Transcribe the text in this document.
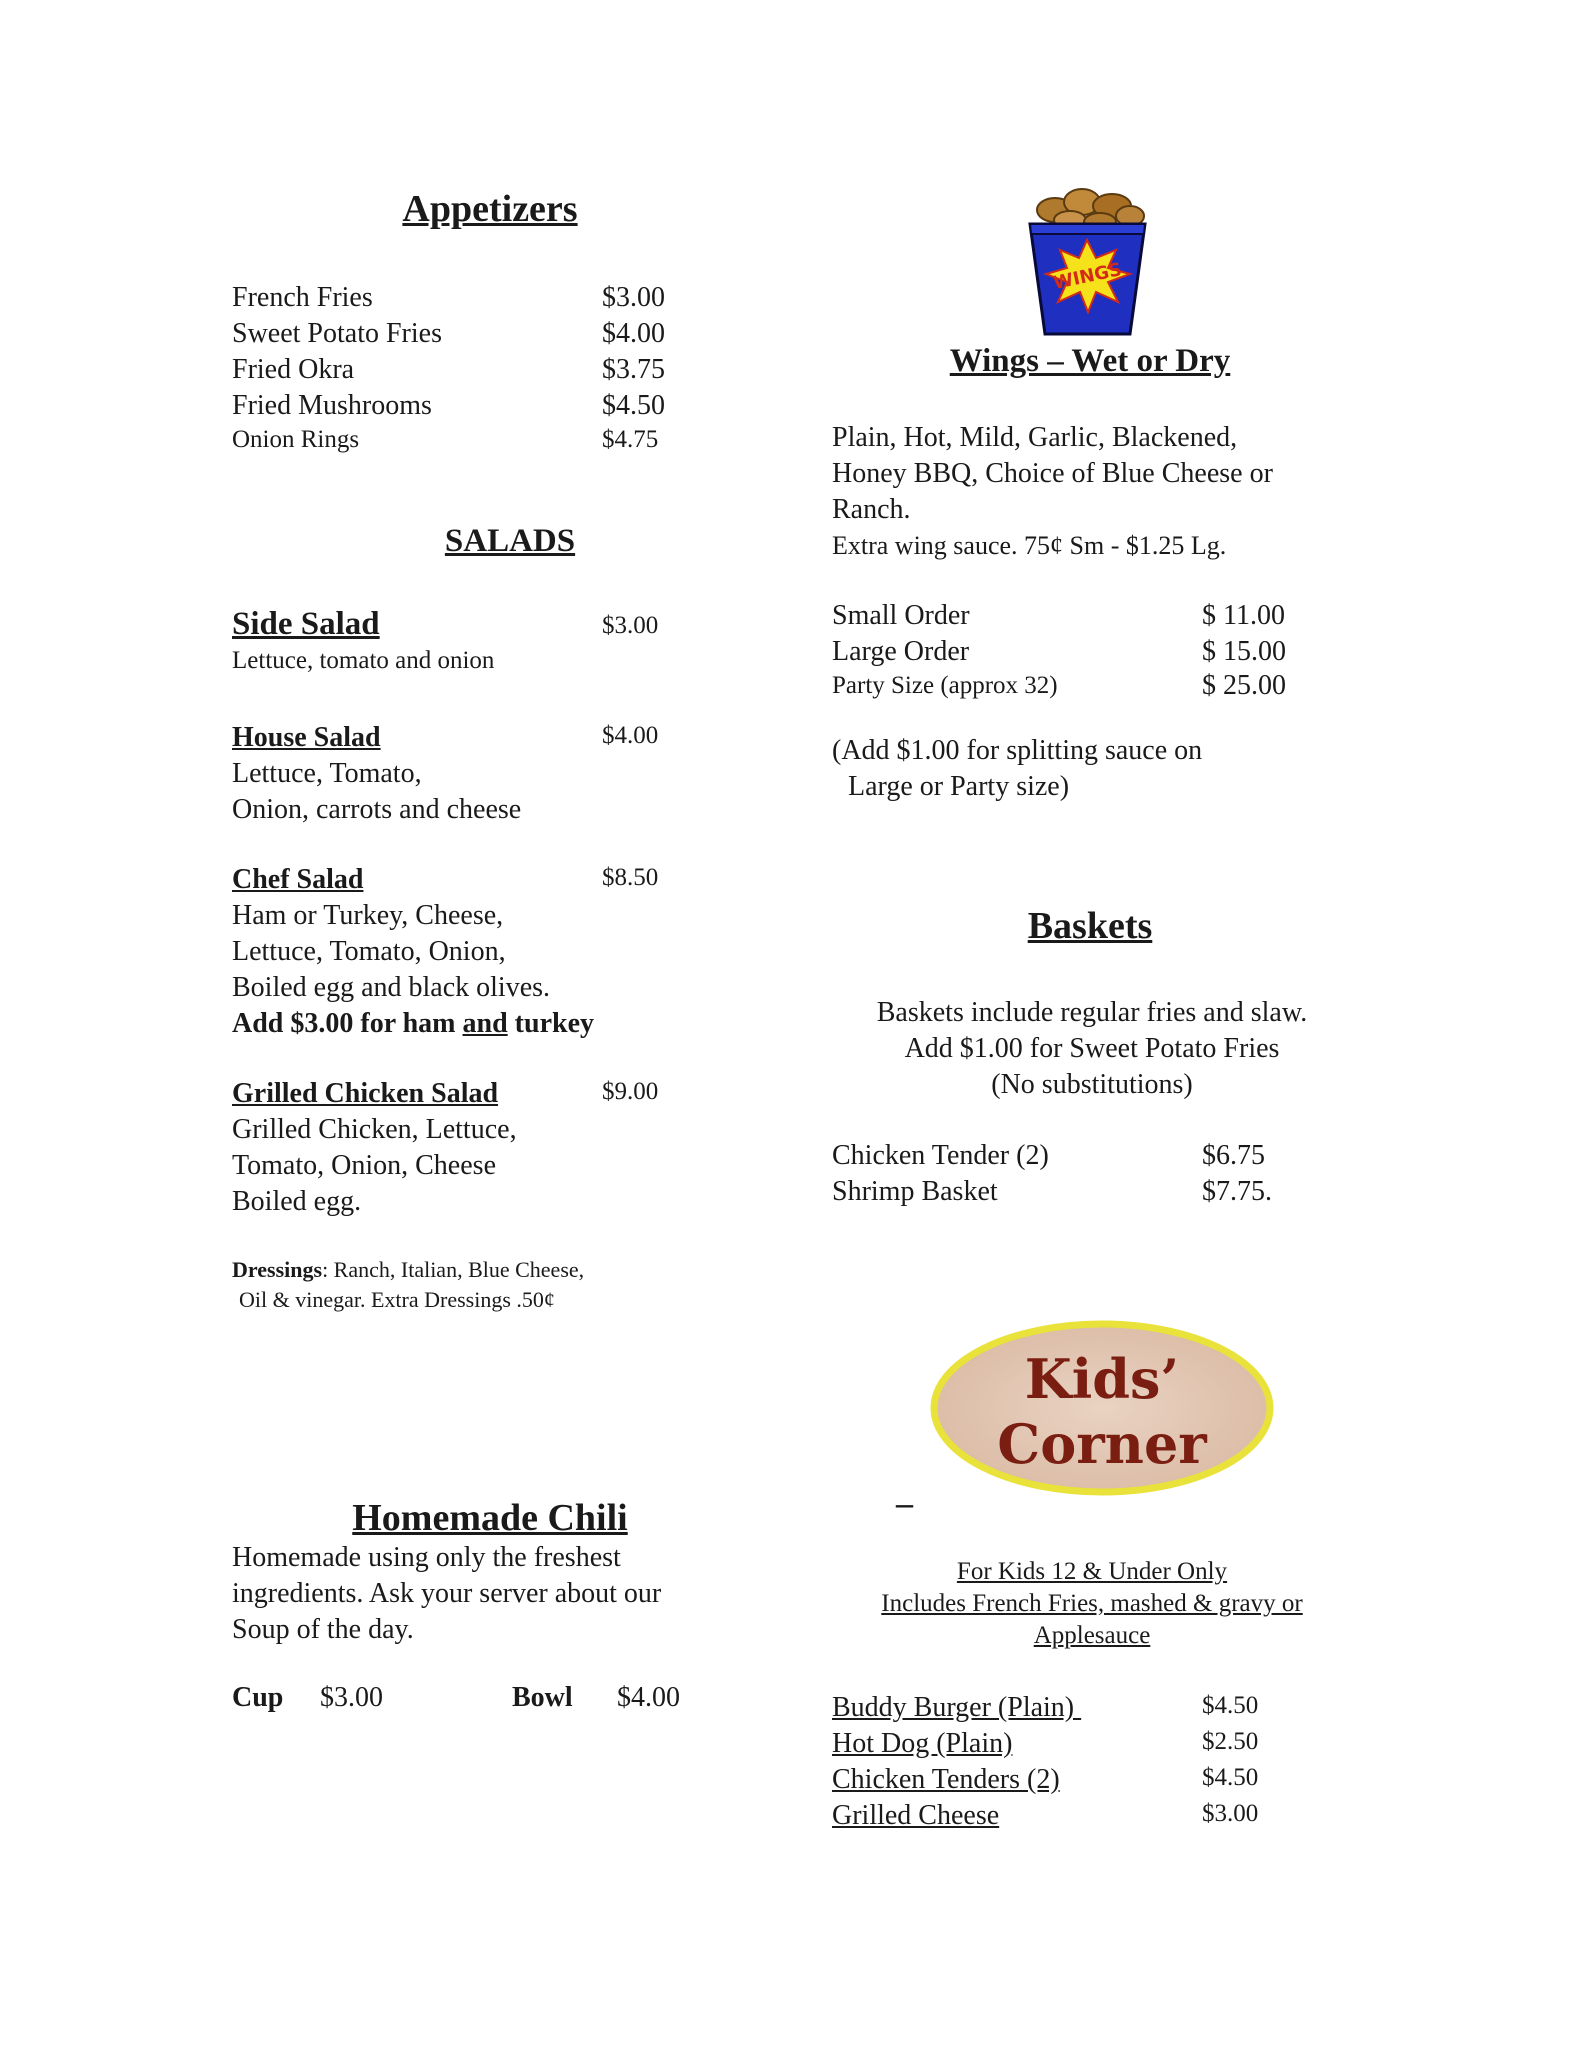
Appetizers
French Fries	$3.00
Sweet Potato Fries	$4.00
Fried Okra	$3.75
Fried Mushrooms	$4.50
Onion Rings	$4.75
SALADS
Side Salad	$3.00
Lettuce, tomato and onion
House Salad	$4.00
Lettuce, Tomato,
Onion, carrots and cheese
Chef Salad	$8.50
Ham or Turkey, Cheese,
Lettuce, Tomato, Onion,
Boiled egg and black olives.
Add $3.00 for ham and turkey
Grilled Chicken Salad	$9.00
Grilled Chicken, Lettuce,
Tomato, Onion, Cheese
Boiled egg.
Dressings: Ranch, Italian, Blue Cheese,
Oil & vinegar. Extra Dressings .50¢
Homemade Chili
Homemade using only the freshest
ingredients. Ask your server about our
Soup of the day.
Cup $3.00	Bowl $4.00
WINGS
Wings – Wet or Dry
Plain, Hot, Mild, Garlic, Blackened,
Honey BBQ, Choice of Blue Cheese or
Ranch.
Extra wing sauce. 75¢ Sm - $1.25 Lg.
Small Order	$ 11.00
Large Order	$ 15.00
Party Size (approx 32)	$ 25.00
(Add $1.00 for splitting sauce on
Large or Party size)
Baskets
Baskets include regular fries and slaw.
Add $1.00 for Sweet Potato Fries
(No substitutions)
Chicken Tender (2)	$6.75
Shrimp Basket	$7.75.
Kids’
Corner
–
For Kids 12 & Under Only
Includes French Fries, mashed & gravy or
Applesauce
Buddy Burger (Plain)	$4.50
Hot Dog (Plain)	$2.50
Chicken Tenders (2)	$4.50
Grilled Cheese	$3.00
